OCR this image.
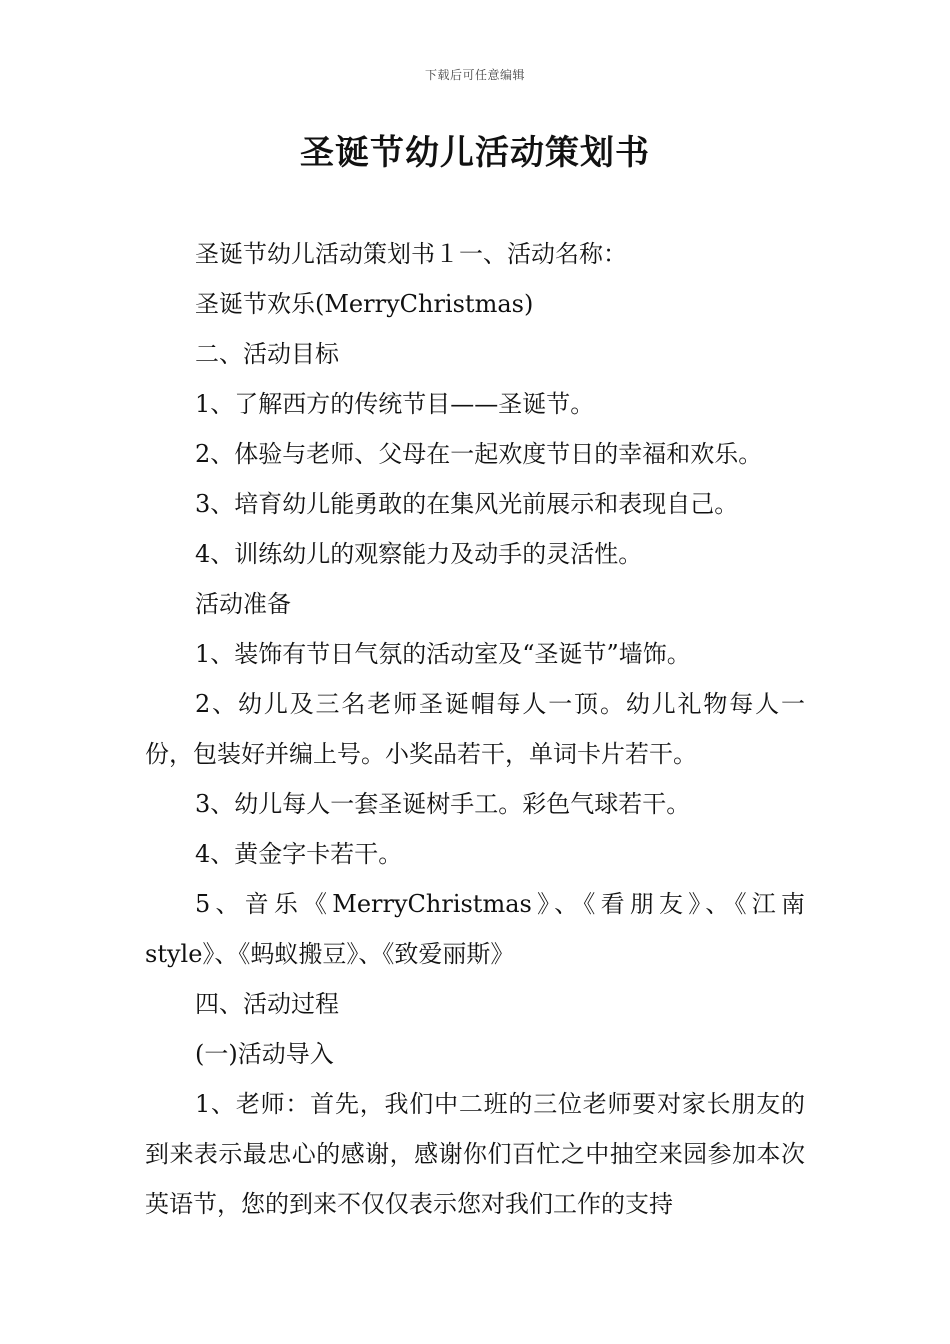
下载后可任意编辑
圣诞节幼儿活动策划书

圣诞节幼儿活动策划书１一、活动名称：

圣诞节欢乐(MerryChristmas)

二、活动目标

1、了解西方的传统节目——圣诞节。

2、体验与老师、父母在一起欢度节日的幸福和欢乐。

3、培育幼儿能勇敢的在集风光前展示和表现自己。

4、训练幼儿的观察能力及动手的灵活性。

活动准备

1、装饰有节日气氛的活动室及“圣诞节”墙饰。

2、幼儿及三名老师圣诞帽每人一顶。幼儿礼物每人一份，包装好并编上号。小奖品若干，单词卡片若干。

3、幼儿每人一套圣诞树手工。彩色气球若干。

4、黄金字卡若干。

5、音乐《MerryChristmas》、《看朋友》、《江南style》、《蚂蚁搬豆》、《致爱丽斯》

四、活动过程

(一)活动导入

1、老师：首先，我们中二班的三位老师要对家长朋友的到来表示最忠心的感谢，感谢你们百忙之中抽空来园参加本次英语节，您的到来不仅仅表示您对我们工作的支持
